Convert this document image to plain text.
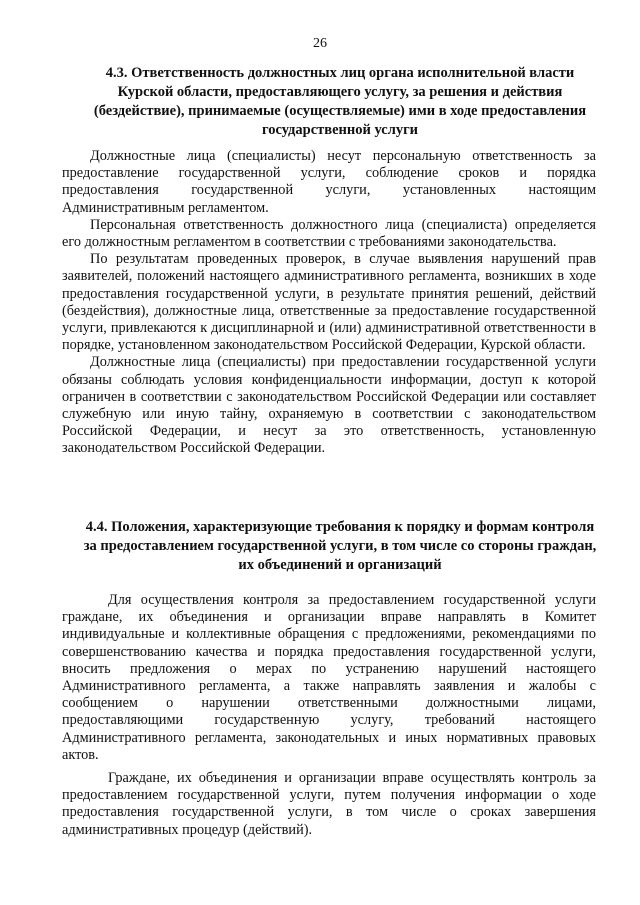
26
4.3. Ответственность должностных лиц органа исполнительной власти Курской области, предоставляющего услугу, за решения и действия (бездействие), принимаемые (осуществляемые) ими в ходе предоставления государственной услуги

Должностные лица (специалисты) несут персональную ответственность за предоставление государственной услуги, соблюдение сроков и порядка предоставления государственной услуги, установленных настоящим Административным регламентом.

Персональная ответственность должностного лица (специалиста) определяется его должностным регламентом в соответствии с требованиями законодательства.

По результатам проведенных проверок, в случае выявления нарушений прав заявителей, положений настоящего административного регламента, возникших в ходе предоставления государственной услуги, в результате принятия решений, действий (бездействия), должностные лица, ответственные за предоставление государственной услуги, привлекаются к дисциплинарной и (или) административной ответственности в порядке, установленном законодательством Российской Федерации, Курской области.

Должностные лица (специалисты) при предоставлении государственной услуги обязаны соблюдать условия конфиденциальности информации, доступ к которой ограничен в соответствии с законодательством Российской Федерации или составляет служебную или иную тайну, охраняемую в соответствии с законодательством Российской Федерации, и несут за это ответственность, установленную законодательством Российской Федерации.

4.4. Положения, характеризующие требования к порядку и формам контроля за предоставлением государственной услуги, в том числе со стороны граждан, их объединений и организаций

Для осуществления контроля за предоставлением государственной услуги граждане, их объединения и организации вправе направлять в Комитет индивидуальные и коллективные обращения с предложениями, рекомендациями по совершенствованию качества и порядка предоставления государственной услуги, вносить предложения о мерах по устранению нарушений настоящего Административного регламента, а также направлять заявления и жалобы с сообщением о нарушении ответственными должностными лицами, предоставляющими государственную услугу, требований настоящего Административного регламента, законодательных и иных нормативных правовых актов.

Граждане, их объединения и организации вправе осуществлять контроль за предоставлением государственной услуги, путем получения информации о ходе предоставления государственной услуги, в том числе о сроках завершения административных процедур (действий).
